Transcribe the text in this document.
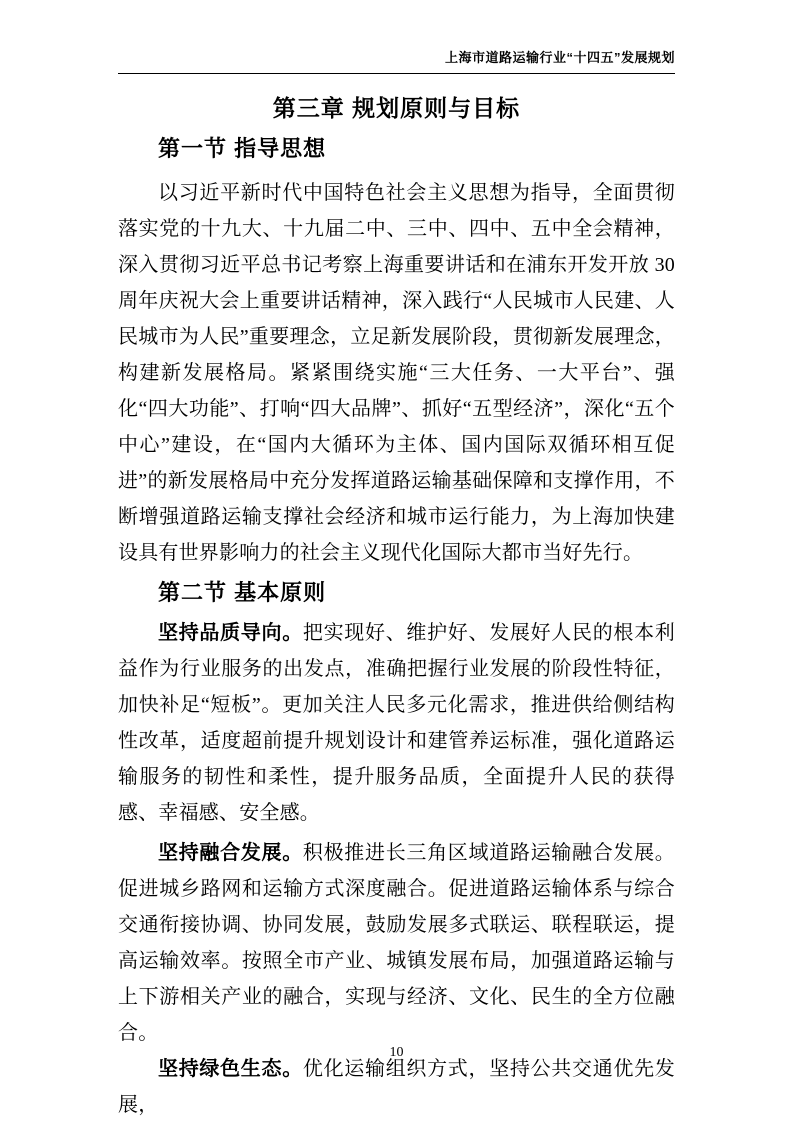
上海市道路运输行业“十四五”发展规划
第三章 规划原则与目标
第一节 指导思想

以习近平新时代中国特色社会主义思想为指导，全面贯彻落实党的十九大、十九届二中、三中、四中、五中全会精神，深入贯彻习近平总书记考察上海重要讲话和在浦东开发开放 30 周年庆祝大会上重要讲话精神，深入践行“人民城市人民建、人民城市为人民”重要理念，立足新发展阶段，贯彻新发展理念，构建新发展格局。紧紧围绕实施“三大任务、一大平台”、强化“四大功能”、打响“四大品牌”、抓好“五型经济”，深化“五个中心”建设，在“国内大循环为主体、国内国际双循环相互促进”的新发展格局中充分发挥道路运输基础保障和支撑作用，不断增强道路运输支撑社会经济和城市运行能力，为上海加快建设具有世界影响力的社会主义现代化国际大都市当好先行。

第二节 基本原则

坚持品质导向。把实现好、维护好、发展好人民的根本利益作为行业服务的出发点，准确把握行业发展的阶段性特征，加快补足“短板”。更加关注人民多元化需求，推进供给侧结构性改革，适度超前提升规划设计和建管养运标准，强化道路运输服务的韧性和柔性，提升服务品质，全面提升人民的获得感、幸福感、安全感。

坚持融合发展。积极推进长三角区域道路运输融合发展。促进城乡路网和运输方式深度融合。促进道路运输体系与综合交通衔接协调、协同发展，鼓励发展多式联运、联程联运，提高运输效率。按照全市产业、城镇发展布局，加强道路运输与上下游相关产业的融合，实现与经济、文化、民生的全方位融合。

坚持绿色生态。优化运输组织方式，坚持公共交通优先发展，

10
